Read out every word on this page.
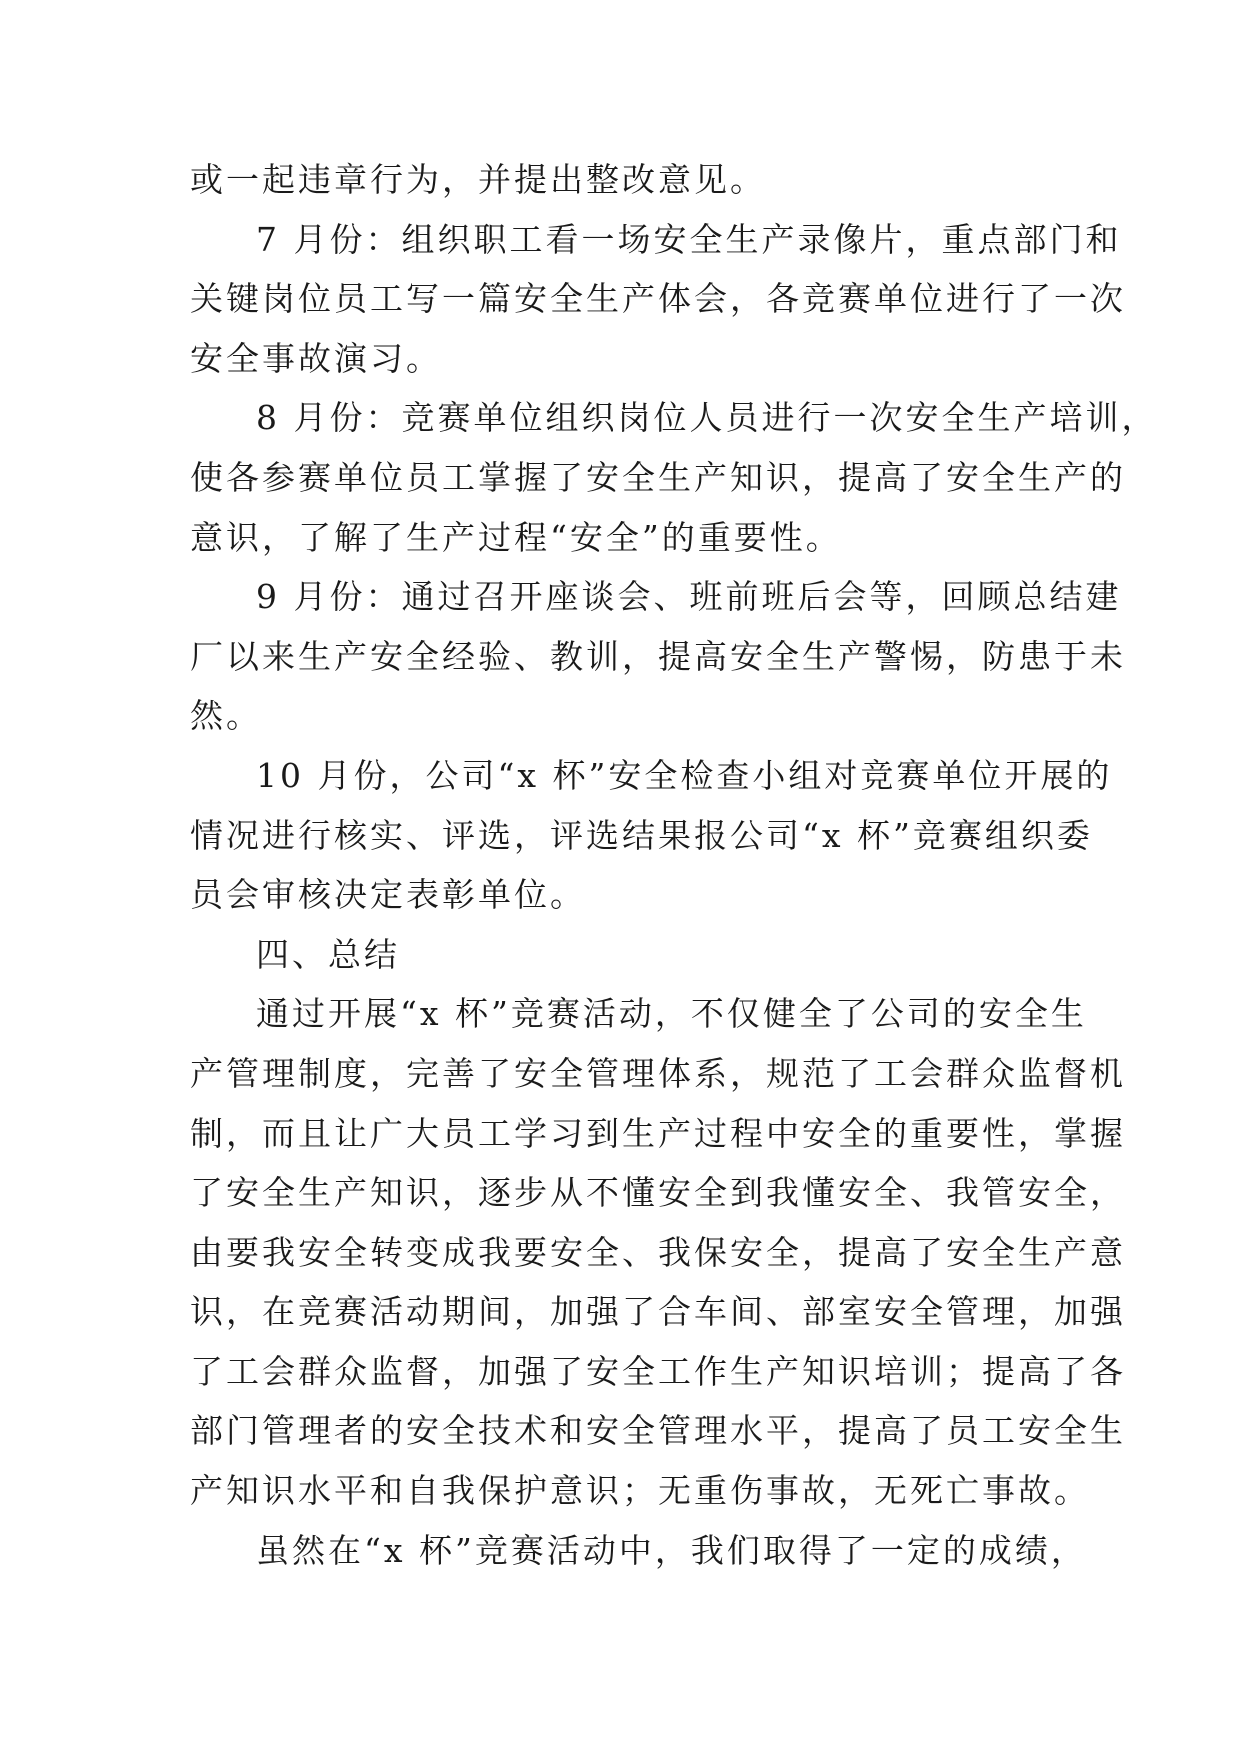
或一起违章行为，并提出整改意见。
7 月份：组织职工看一场安全生产录像片，重点部门和
关键岗位员工写一篇安全生产体会，各竞赛单位进行了一次
安全事故演习。
8 月份：竞赛单位组织岗位人员进行一次安全生产培训，
使各参赛单位员工掌握了安全生产知识，提高了安全生产的
意识，了解了生产过程“安全”的重要性。
9 月份：通过召开座谈会、班前班后会等，回顾总结建
厂以来生产安全经验、教训，提高安全生产警惕，防患于未
然。
10 月份，公司“x 杯”安全检查小组对竞赛单位开展的
情况进行核实、评选，评选结果报公司“x 杯”竞赛组织委
员会审核决定表彰单位。
四、总结
通过开展“x 杯”竞赛活动，不仅健全了公司的安全生
产管理制度，完善了安全管理体系，规范了工会群众监督机
制，而且让广大员工学习到生产过程中安全的重要性，掌握
了安全生产知识，逐步从不懂安全到我懂安全、我管安全，
由要我安全转变成我要安全、我保安全，提高了安全生产意
识，在竞赛活动期间，加强了合车间、部室安全管理，加强
了工会群众监督，加强了安全工作生产知识培训；提高了各
部门管理者的安全技术和安全管理水平，提高了员工安全生
产知识水平和自我保护意识；无重伤事故，无死亡事故。
虽然在“x 杯”竞赛活动中，我们取得了一定的成绩，
